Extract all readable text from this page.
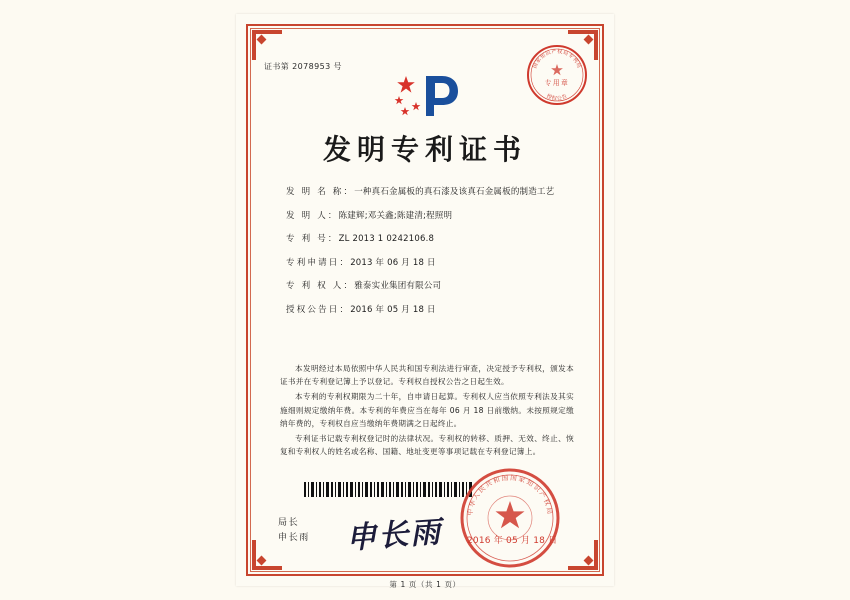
证书第 2078953 号
发明专利证书
发 明 名 称：一种真石金属板的真石漆及该真石金属板的制造工艺
发 明 人：陈建辉;邓关鑫;陈建清;程照明
专 利 号：ZL 2013 1 0242106.8
专利申请日：2013 年 06 月 18 日
专 利 权 人：雅泰实业集团有限公司
授权公告日：2016 年 05 月 18 日

本发明经过本局依照中华人民共和国专利法进行审查，决定授予专利权，颁发本证书并在专利登记簿上予以登记。专利权自授权公告之日起生效。

本专利的专利权期限为二十年，自申请日起算。专利权人应当依照专利法及其实施细则规定缴纳年费。本专利的年费应当在每年 06 月 18 日前缴纳。未按照规定缴纳年费的，专利权自应当缴纳年费期满之日起终止。

专利证书记载专利权登记时的法律状况。专利权的转移、质押、无效、终止、恢复和专利权人的姓名或名称、国籍、地址变更等事项记载在专利登记簿上。

局长
申长雨 申长雨
第 1 页（共 1 页）
国家知识产权局专利局
专用章
授权公告
中华人民共和国国家知识产权局
2016 年 05 月 18 日
